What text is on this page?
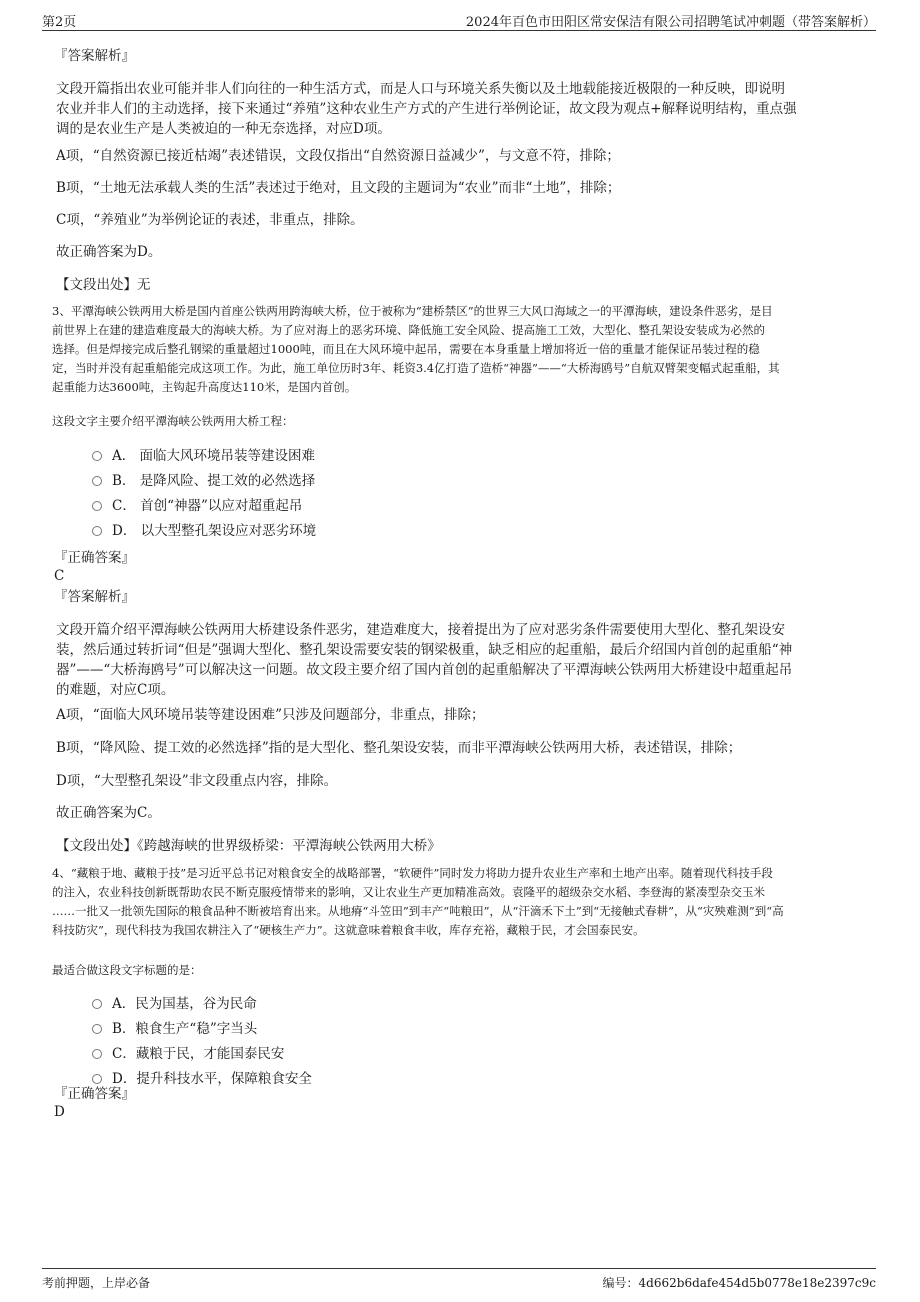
第2页	2024年百色市田阳区常安保洁有限公司招聘笔试冲刺题（带答案解析）
『答案解析』
文段开篇指出农业可能并非人们向往的一种生活方式，而是人口与环境关系失衡以及土地载能接近极限的一种反映，即说明
农业并非人们的主动选择，接下来通过“养殖”这种农业生产方式的产生进行举例论证，故文段为观点+解释说明结构，重点强
调的是农业生产是人类被迫的一种无奈选择，对应D项。
A项，“自然资源已接近枯竭”表述错误，文段仅指出“自然资源日益减少”，与文意不符，排除；
B项，“土地无法承载人类的生活”表述过于绝对，且文段的主题词为“农业”而非“土地”，排除；
C项，“养殖业”为举例论证的表述，非重点，排除。
故正确答案为D。
【文段出处】无
3、平潭海峡公铁两用大桥是国内首座公铁两用跨海峡大桥，位于被称为“建桥禁区”的世界三大风口海域之一的平潭海峡，建设条件恶劣，是目
前世界上在建的建造难度最大的海峡大桥。为了应对海上的恶劣环境、降低施工安全风险、提高施工工效，大型化、整孔架设安装成为必然的
选择。但是焊接完成后整孔钢梁的重量超过1000吨，而且在大风环境中起吊，需要在本身重量上增加将近一倍的重量才能保证吊装过程的稳
定，当时并没有起重船能完成这项工作。为此，施工单位历时3年、耗资3.4亿打造了造桥“神器”——“大桥海鸥号”自航双臂架变幅式起重船，其
起重能力达3600吨，主钩起升高度达110米，是国内首创。
这段文字主要介绍平潭海峡公铁两用大桥工程：
A． 面临大风环境吊装等建设困难
B． 是降风险、提工效的必然选择
C． 首创“神器”以应对超重起吊
D． 以大型整孔架设应对恶劣环境
『正确答案』
C
『答案解析』
文段开篇介绍平潭海峡公铁两用大桥建设条件恶劣，建造难度大，接着提出为了应对恶劣条件需要使用大型化、整孔架设安
装，然后通过转折词“但是”强调大型化、整孔架设需要安装的钢梁极重，缺乏相应的起重船，最后介绍国内首创的起重船“神
器”——“大桥海鸥号”可以解决这一问题。故文段主要介绍了国内首创的起重船解决了平潭海峡公铁两用大桥建设中超重起吊
的难题，对应C项。
A项，“面临大风环境吊装等建设困难”只涉及问题部分，非重点，排除；
B项，“降风险、提工效的必然选择”指的是大型化、整孔架设安装，而非平潭海峡公铁两用大桥，表述错误，排除；
D项，“大型整孔架设”非文段重点内容，排除。
故正确答案为C。
【文段出处】《跨越海峡的世界级桥梁：平潭海峡公铁两用大桥》
4、“藏粮于地、藏粮于技”是习近平总书记对粮食安全的战略部署，“软硬件”同时发力将助力提升农业生产率和土地产出率。随着现代科技手段
的注入，农业科技创新既帮助农民不断克服疫情带来的影响，又让农业生产更加精准高效。袁隆平的超级杂交水稻、李登海的紧凑型杂交玉米
……一批又一批领先国际的粮食品种不断被培育出来。从地瘠“斗笠田”到丰产“吨粮田”，从“汗滴禾下土”到“无接触式春耕”，从“灾殃难测”到“高
科技防灾”，现代科技为我国农耕注入了“硬核生产力”。这就意味着粮食丰收，库存充裕，藏粮于民，才会国泰民安。
最适合做这段文字标题的是：
A．民为国基，谷为民命
B．粮食生产“稳”字当头
C．藏粮于民，才能国泰民安
D．提升科技水平，保障粮食安全
『正确答案』
D
考前押题，上岸必备	编号：4d662b6dafe454d5b0778e18e2397c9c
